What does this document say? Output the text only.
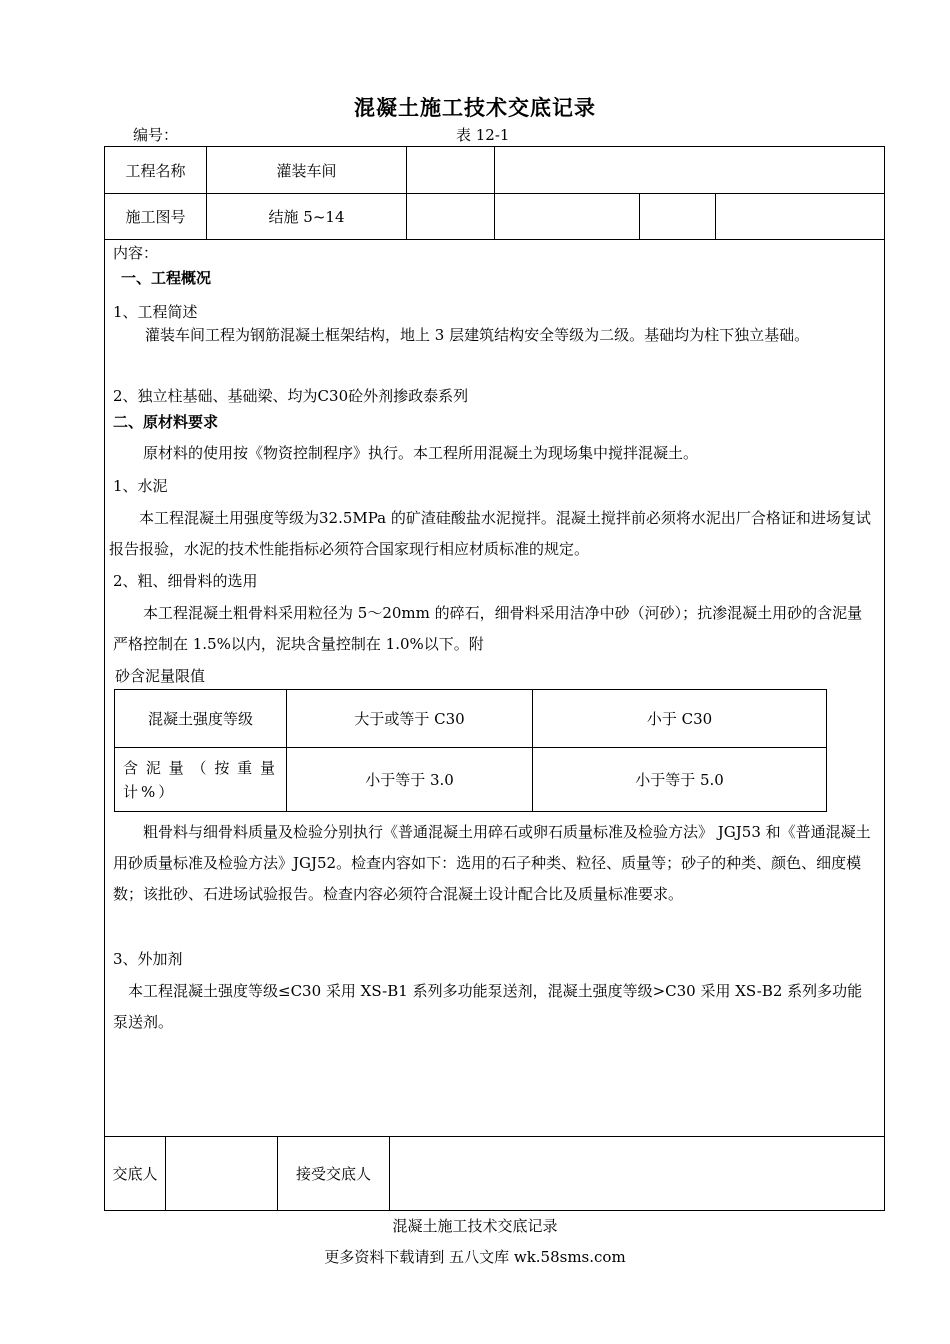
混凝土施工技术交底记录
编号：	表 12-1
工程名称	灌装车间
施工图号	结施 5~14
内容：
一、工程概况
1、工程简述
灌装车间工程为钢筋混凝土框架结构，地上 3 层建筑结构安全等级为二级。基础均为柱下独立基础。
2、独立柱基础、基础梁、均为C30砼外剂掺政泰系列
二、原材料要求
原材料的使用按《物资控制程序》执行。本工程所用混凝土为现场集中搅拌混凝土。
1、水泥
本工程混凝土用强度等级为32.5MPa 的矿渣硅酸盐水泥搅拌。混凝土搅拌前必须将水泥出厂合格证和进场复试报告报验，水泥的技术性能指标必须符合国家现行相应材质标准的规定。
2、粗、细骨料的选用
本工程混凝土粗骨料采用粒径为 5～20mm 的碎石，细骨料采用洁净中砂（河砂）；抗渗混凝土用砂的含泥量严格控制在 1.5%以内，泥块含量控制在 1.0%以下。附
砂含泥量限值
混凝土强度等级	大于或等于 C30	小于 C30
含泥量（按重量计%）	小于等于 3.0	小于等于 5.0
粗骨料与细骨料质量及检验分别执行《普通混凝土用碎石或卵石质量标准及检验方法》 JGJ53 和《普通混凝土用砂质量标准及检验方法》JGJ52。检查内容如下：选用的石子种类、粒径、质量等；砂子的种类、颜色、细度模数；该批砂、石进场试验报告。检查内容必须符合混凝土设计配合比及质量标准要求。
3、外加剂
本工程混凝土强度等级≤C30 采用 XS-B1 系列多功能泵送剂，混凝土强度等级>C30 采用 XS-B2 系列多功能泵送剂。
交底人	接受交底人
混凝土施工技术交底记录
更多资料下载请到 五八文库 wk.58sms.com
